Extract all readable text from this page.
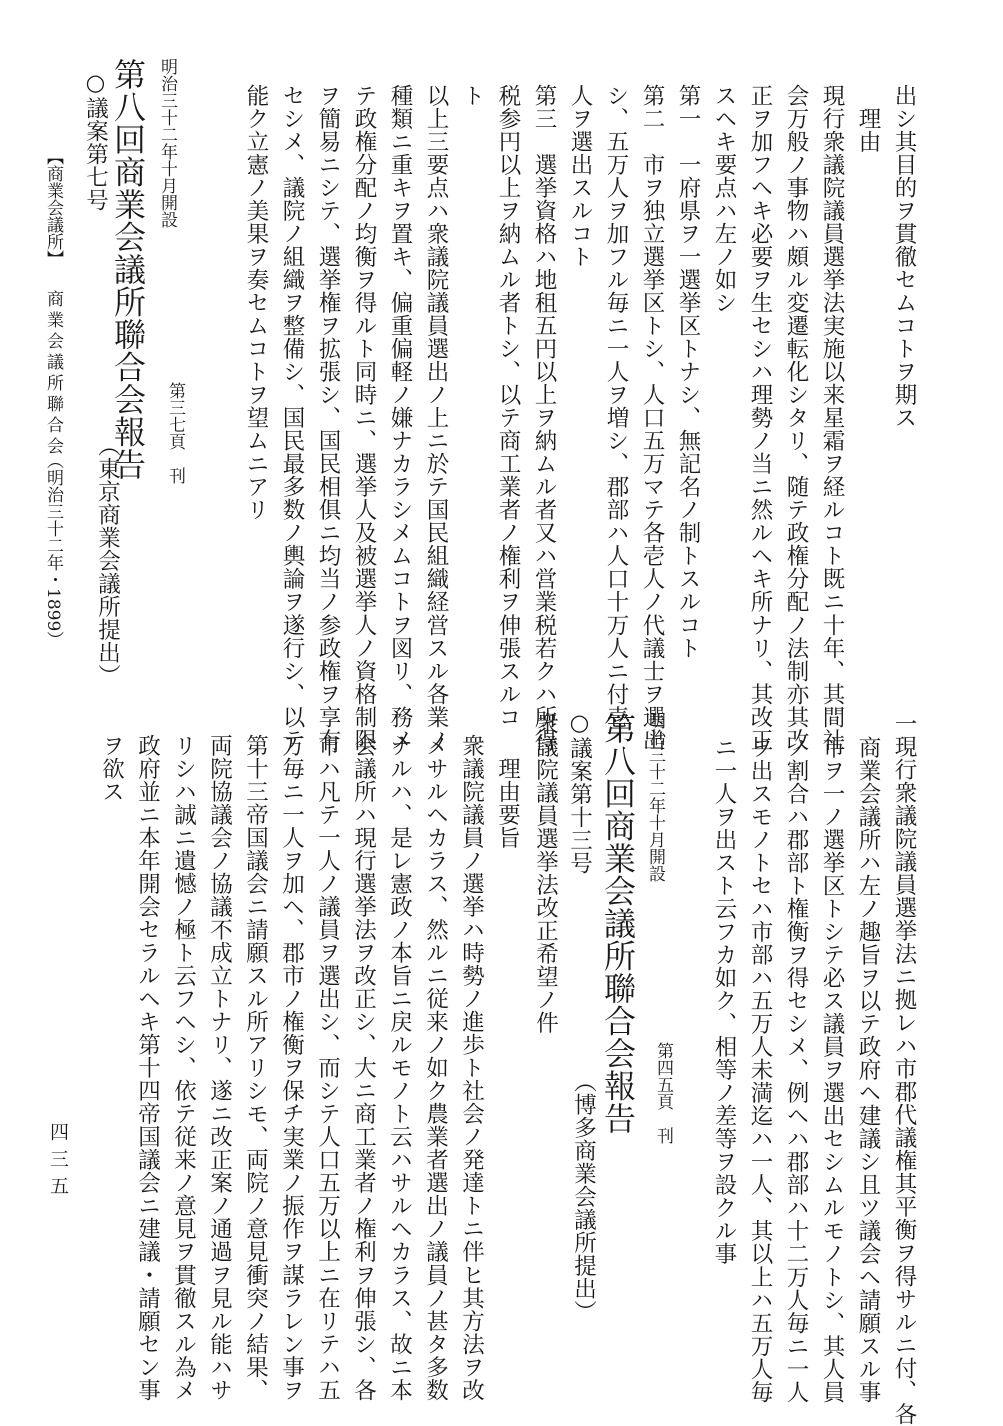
出シ其目的ヲ貫徹セムコトヲ期ス
　理由
現行衆議院議員選挙法実施以来星霜ヲ経ルコト既ニ十年、其間社
会万般ノ事物ハ頗ル変遷転化シタリ、随テ政権分配ノ法制亦其改
正ヲ加フヘキ必要ヲ生セシハ理勢ノ当ニ然ルヘキ所ナリ、其改正
スヘキ要点ハ左ノ如シ
第一　一府県ヲ一選挙区トナシ、無記名ノ制トスルコト
第二　市ヲ独立選挙区トシ、人口五万マテ各壱人ノ代議士ヲ選出
シ、五万人ヲ加フル毎ニ一人ヲ増シ、郡部ハ人口十万人ニ付壱
人ヲ選出スルコト
第三　選挙資格ハ地租五円以上ヲ納ムル者又ハ営業税若クハ所得
税参円以上ヲ納ムル者トシ、以テ商工業者ノ権利ヲ伸張スルコ
ト
以上三要点ハ衆議院議員選出ノ上ニ於テ国民組織経営スル各業ノ
種類ニ重キヲ置キ、偏重偏軽ノ嫌ナカラシメムコトヲ図リ、務メ
テ政権分配ノ均衡ヲ得ルト同時ニ、選挙人及被選挙人ノ資格制限
ヲ簡易ニシテ、選挙権ヲ拡張シ、国民相俱ニ均当ノ参政権ヲ享有
セシメ、議院ノ組織ヲ整備シ、国民最多数ノ輿論ヲ遂行シ、以テ
能ク立憲ノ美果ヲ奏セムコトヲ望ムニアリ
明治三十二年十月開設
第三七頁　刊
第八回商業会議所聯合会報告
○議案第七号
（東京商業会議所提出）
【商業会議所】
商業会議所聯合会
（明治三十二年・1899）
一現行衆議院議員選挙法ニ拠レハ市郡代議権其平衡ヲ得サルニ付、各
商業会議所ハ左ノ趣旨ヲ以テ政府ヘ建議シ且ツ議会ヘ請願スル事
市ヲ一ノ選挙区トシテ必ス議員ヲ選出セシムルモノトシ、其人員
ノ割合ハ郡部ト権衡ヲ得セシメ、例ヘハ郡部ハ十二万人毎ニ一人
ヲ出スモノトセハ市部ハ五万人未満迄ハ一人、其以上ハ五万人毎
ニ一人ヲ出スト云フカ如ク、相等ノ差等ヲ設クル事
明治三十二年十月開設
第四五頁　刊
第八回商業会議所聯合会報告
○議案第十三号
（博多商業会議所提出）
衆議院議員選挙法改正希望ノ件
　理由要旨
衆議院議員ノ選挙ハ時勢ノ進歩ト社会ノ発達トニ伴ヒ其方法ヲ改
メサルヘカラス、然ルニ従来ノ如ク農業者選出ノ議員ノ甚タ多数
ナルハ、是レ憲政ノ本旨ニ戻ルモノト云ハサルヘカラス、故ニ本
会議所ハ現行選挙法ヲ改正シ、大ニ商工業者ノ権利ヲ伸張シ、各
市ハ凡テ一人ノ議員ヲ選出シ、而シテ人口五万以上ニ在リテハ五
万毎ニ一人ヲ加ヘ、郡市ノ権衡ヲ保チ実業ノ振作ヲ謀ラレン事ヲ
第十三帝国議会ニ請願スル所アリシモ、両院ノ意見衝突ノ結果、
両院協議会ノ協議不成立トナリ、遂ニ改正案ノ通過ヲ見ル能ハサ
リシハ誠ニ遺憾ノ極ト云フヘシ、依テ従来ノ意見ヲ貫徹スル為メ
政府並ニ本年開会セラルヘキ第十四帝国議会ニ建議・請願セン事
ヲ欲ス
四三五
